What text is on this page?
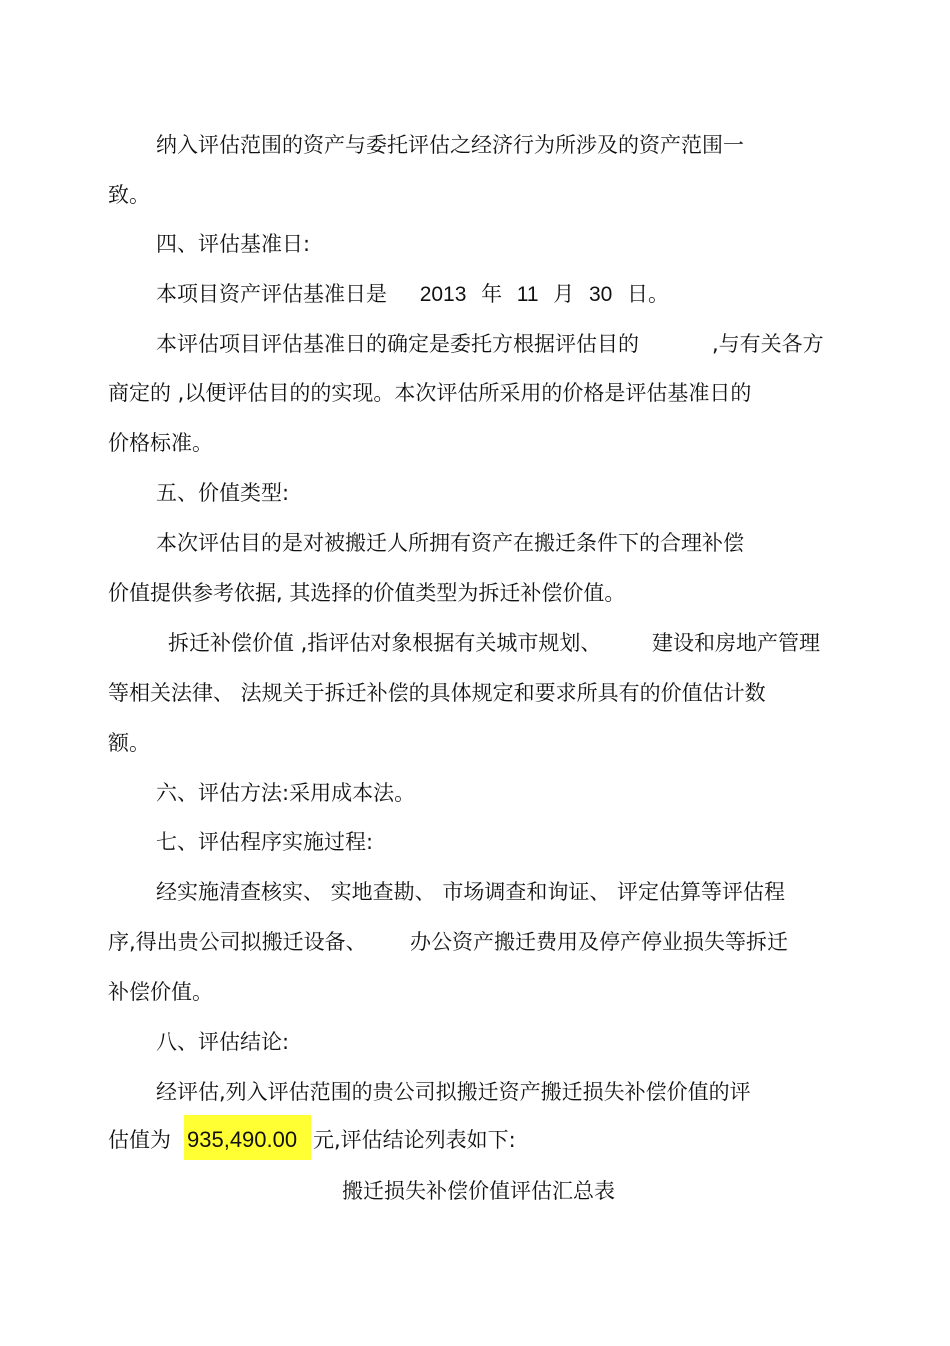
纳入评估范围的资产与委托评估之经济行为所涉及的资产范围一
致。
四、评估基准日:
本项目资产评估基准日是 2013 年 11 月 30 日。
本评估项目评估基准日的确定是委托方根据评估目的	,与有关各方
商定的 ,以便评估目的的实现。本次评估所采用的价格是评估基准日的
价格标准。
五、价值类型:
本次评估目的是对被搬迁人所拥有资产在搬迁条件下的合理补偿
价值提供参考依据, 其选择的价值类型为拆迁补偿价值。
拆迁补偿价值 ,指评估对象根据有关城市规划、 建设和房地产管理
等相关法律、 法规关于拆迁补偿的具体规定和要求所具有的价值估计数
额。
六、评估方法:采用成本法。
七、评估程序实施过程:
经实施清查核实、 实地查勘、 市场调查和询证、 评定估算等评估程
序,得出贵公司拟搬迁设备、 办公资产搬迁费用及停产停业损失等拆迁
补偿价值。
八、评估结论:
经评估,列入评估范围的贵公司拟搬迁资产搬迁损失补偿价值的评
估值为 935,490.00 元,评估结论列表如下:
搬迁损失补偿价值评估汇总表
